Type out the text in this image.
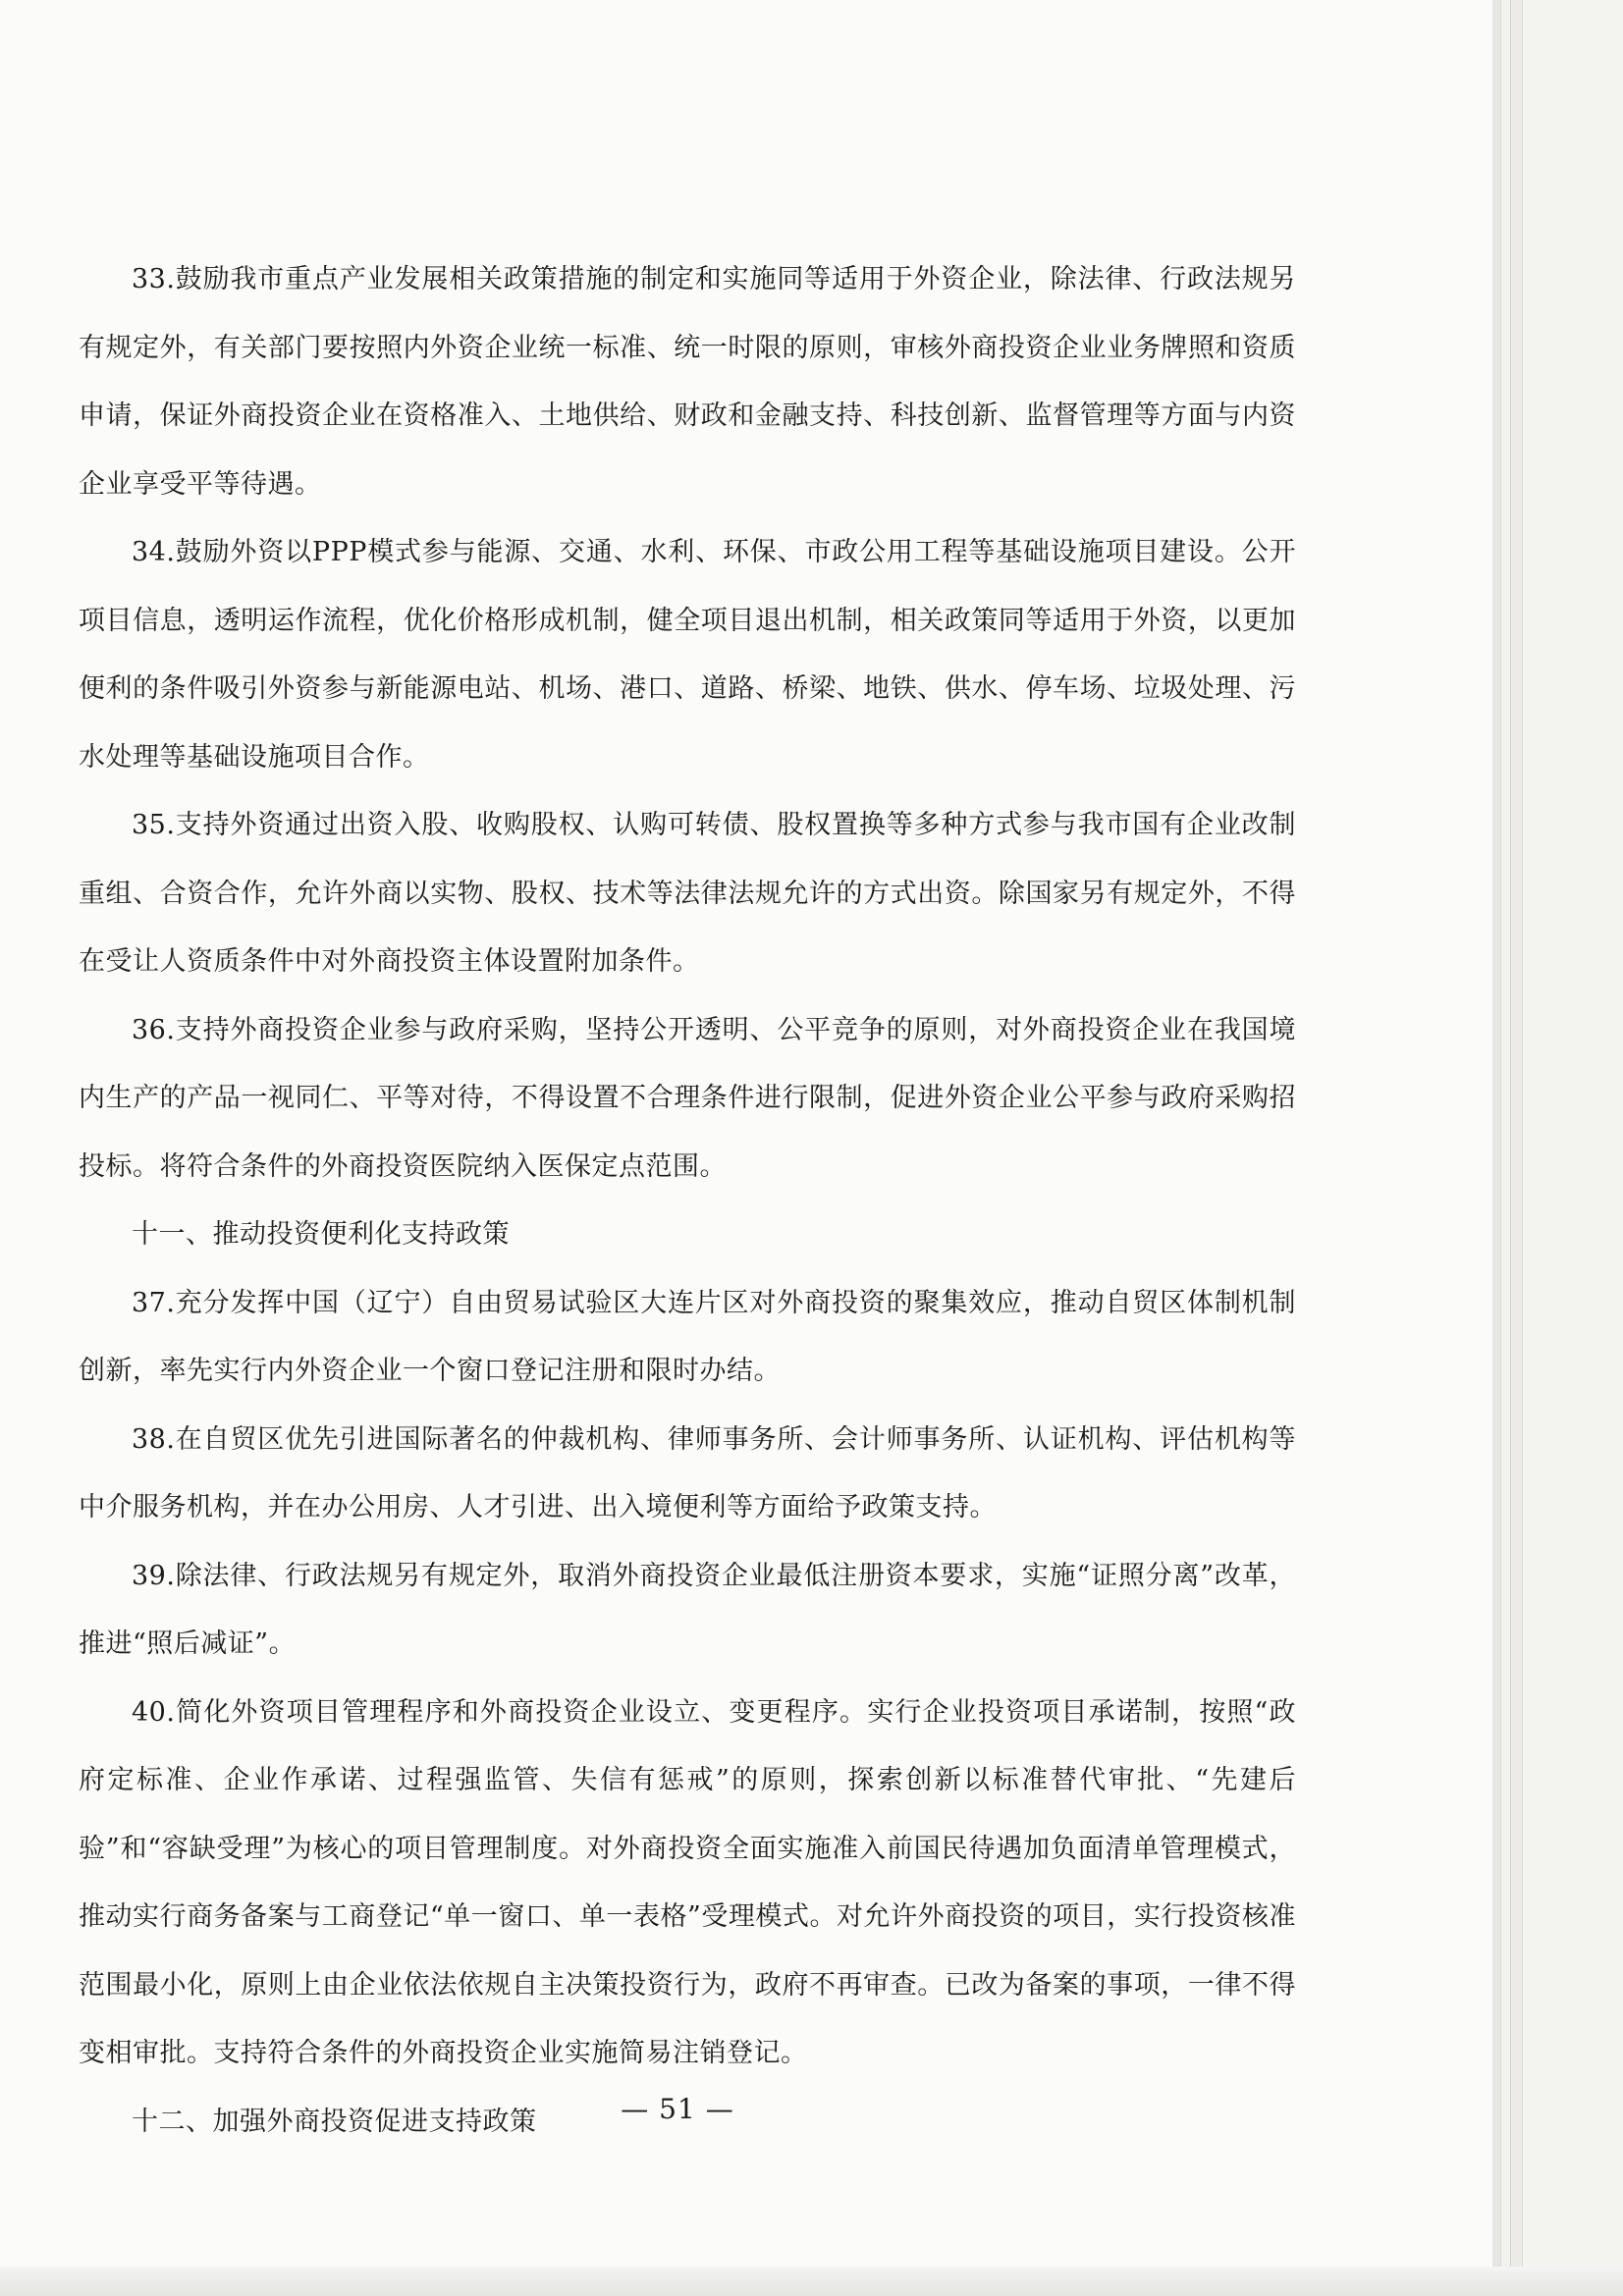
33.鼓励我市重点产业发展相关政策措施的制定和实施同等适用于外资企业，除法律、行政法规另有规定外，有关部门要按照内外资企业统一标准、统一时限的原则，审核外商投资企业业务牌照和资质申请，保证外商投资企业在资格准入、土地供给、财政和金融支持、科技创新、监督管理等方面与内资企业享受平等待遇。

34.鼓励外资以PPP模式参与能源、交通、水利、环保、市政公用工程等基础设施项目建设。公开项目信息，透明运作流程，优化价格形成机制，健全项目退出机制，相关政策同等适用于外资，以更加便利的条件吸引外资参与新能源电站、机场、港口、道路、桥梁、地铁、供水、停车场、垃圾处理、污水处理等基础设施项目合作。

35.支持外资通过出资入股、收购股权、认购可转债、股权置换等多种方式参与我市国有企业改制重组、合资合作，允许外商以实物、股权、技术等法律法规允许的方式出资。除国家另有规定外，不得在受让人资质条件中对外商投资主体设置附加条件。

36.支持外商投资企业参与政府采购，坚持公开透明、公平竞争的原则，对外商投资企业在我国境内生产的产品一视同仁、平等对待，不得设置不合理条件进行限制，促进外资企业公平参与政府采购招投标。将符合条件的外商投资医院纳入医保定点范围。

十一、推动投资便利化支持政策

37.充分发挥中国（辽宁）自由贸易试验区大连片区对外商投资的聚集效应，推动自贸区体制机制创新，率先实行内外资企业一个窗口登记注册和限时办结。

38.在自贸区优先引进国际著名的仲裁机构、律师事务所、会计师事务所、认证机构、评估机构等中介服务机构，并在办公用房、人才引进、出入境便利等方面给予政策支持。

39.除法律、行政法规另有规定外，取消外商投资企业最低注册资本要求，实施“证照分离”改革，推进“照后减证”。

40.简化外资项目管理程序和外商投资企业设立、变更程序。实行企业投资项目承诺制，按照“政府定标准、企业作承诺、过程强监管、失信有惩戒”的原则，探索创新以标准替代审批、“先建后验”和“容缺受理”为核心的项目管理制度。对外商投资全面实施准入前国民待遇加负面清单管理模式，推动实行商务备案与工商登记“单一窗口、单一表格”受理模式。对允许外商投资的项目，实行投资核准范围最小化，原则上由企业依法依规自主决策投资行为，政府不再审查。已改为备案的事项，一律不得变相审批。支持符合条件的外商投资企业实施简易注销登记。

十二、加强外商投资促进支持政策	— 51 —
